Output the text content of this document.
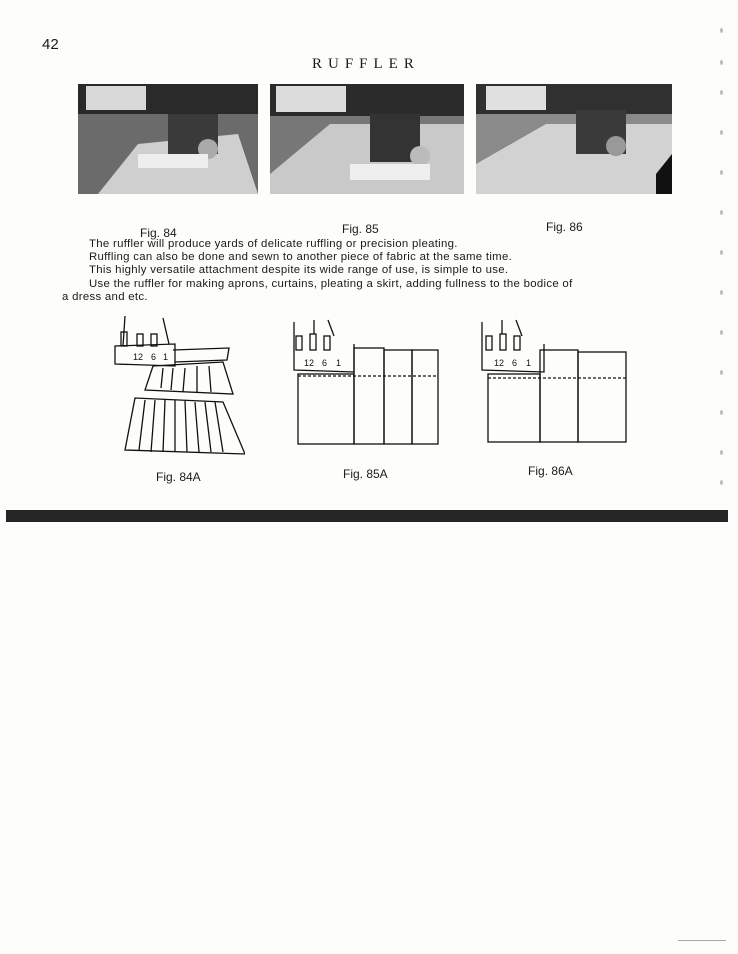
42
RUFFLER
Fig. 84	Fig. 85	Fig. 86
The ruffler will produce yards of delicate ruffling or precision pleating.
Ruffling can also be done and sewn to another piece of fabric at the same time.
This highly versatile attachment despite its wide range of use, is simple to use.
Use the ruffler for making aprons, curtains, pleating a skirt, adding fullness to the bodice of
a dress and etc.
12 6 1
Fig. 84A
12 6 1
Fig. 85A
12 6 1
Fig. 86A
